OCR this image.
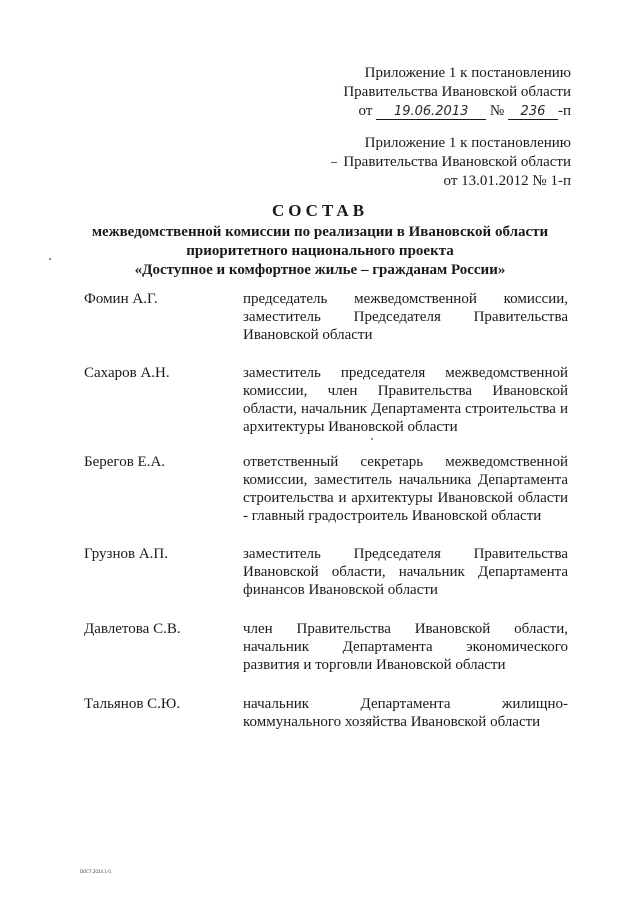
Приложение 1 к постановлению
Правительства Ивановской области
от 19.06.2013 № 236 -п
Приложение 1 к постановлению
Правительства Ивановской области
от 13.01.2012 № 1-п
СОСТАВ
межведомственной комиссии по реализации в Ивановской области
приоритетного национального проекта
«Доступное и комфортное жилье – гражданам России»
Фомин А.Г.	председатель межведомственной комиссии, заместитель Председателя Правительства Ивановской области
Сахаров А.Н.	заместитель председателя межведомственной комиссии, член Правительства Ивановской области, начальник Департамента строительства и архитектуры Ивановской области
Берегов Е.А.	ответственный секретарь межведомственной комиссии, заместитель начальника Департамента строительства и архитектуры Ивановской области - главный градостроитель Ивановской области
Грузнов А.П.	заместитель Председателя Правительства Ивановской области, начальник Департамента финансов Ивановской области
Давлетова С.В.	член Правительства Ивановской области, начальник Департамента экономического развития и торговли Ивановской области
Тальянов С.Ю.	начальник Департамента жилищно-коммунального хозяйства Ивановской области
DOC7.2024.1-0.
